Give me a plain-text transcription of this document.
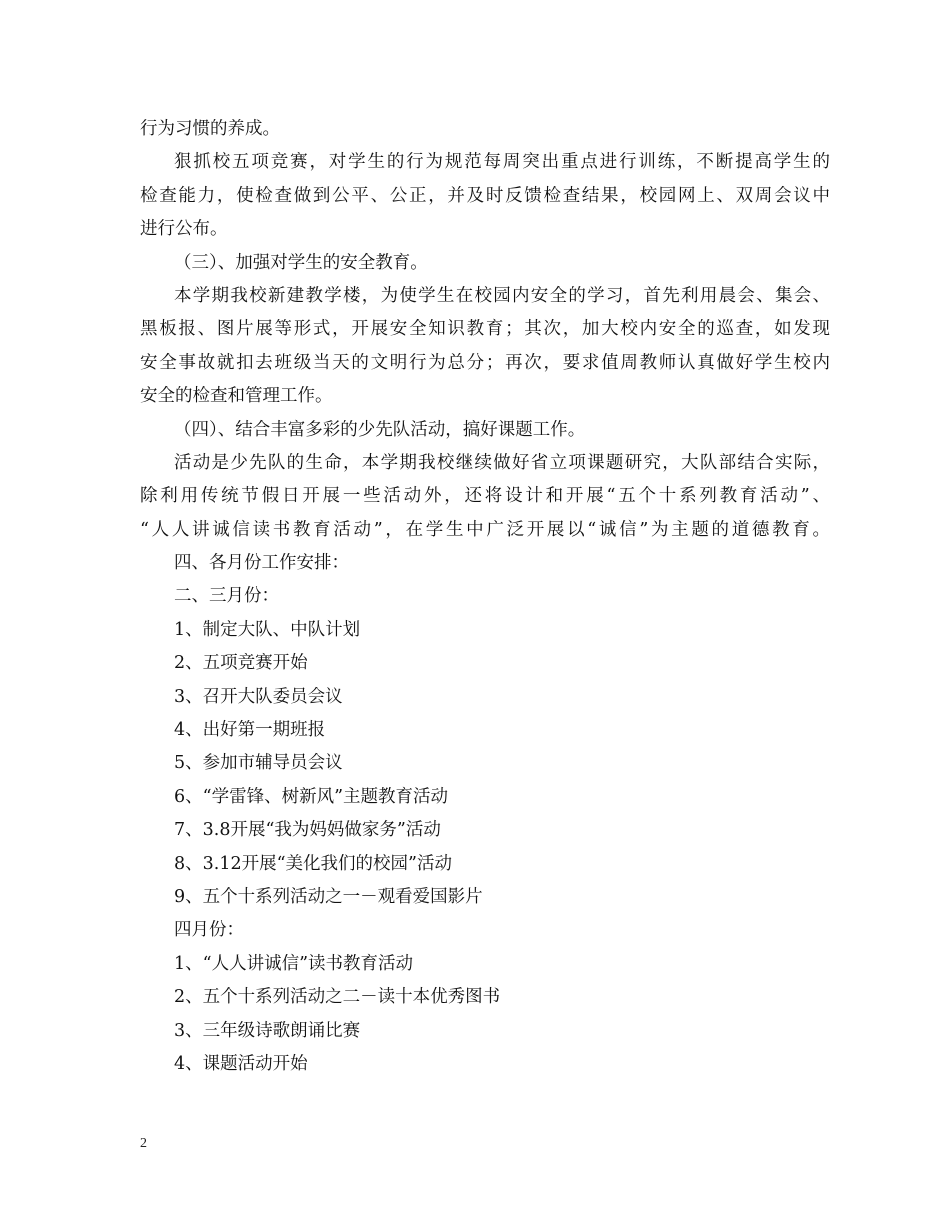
行为习惯的养成。
狠抓校五项竞赛，对学生的行为规范每周突出重点进行训练，不断提高学生的
检查能力，使检查做到公平、公正，并及时反馈检查结果，校园网上、双周会议中
进行公布。
（三）、加强对学生的安全教育。
本学期我校新建教学楼，为使学生在校园内安全的学习，首先利用晨会、集会、
黑板报、图片展等形式，开展安全知识教育；其次，加大校内安全的巡查，如发现
安全事故就扣去班级当天的文明行为总分；再次，要求值周教师认真做好学生校内
安全的检查和管理工作。
（四）、结合丰富多彩的少先队活动，搞好课题工作。
活动是少先队的生命，本学期我校继续做好省立项课题研究，大队部结合实际，
除利用传统节假日开展一些活动外，还将设计和开展“五个十系列教育活动”、
“人人讲诚信读书教育活动”，在学生中广泛开展以“诚信”为主题的道德教育。
四、各月份工作安排：
二、三月份：
1、制定大队、中队计划
2、五项竞赛开始
3、召开大队委员会议
4、出好第一期班报
5、参加市辅导员会议
6、“学雷锋、树新风”主题教育活动
7、3.8开展“我为妈妈做家务”活动
8、3.12开展“美化我们的校园”活动
9、五个十系列活动之一－观看爱国影片
四月份：
1、“人人讲诚信”读书教育活动
2、五个十系列活动之二－读十本优秀图书
3、三年级诗歌朗诵比赛
4、课题活动开始
2
